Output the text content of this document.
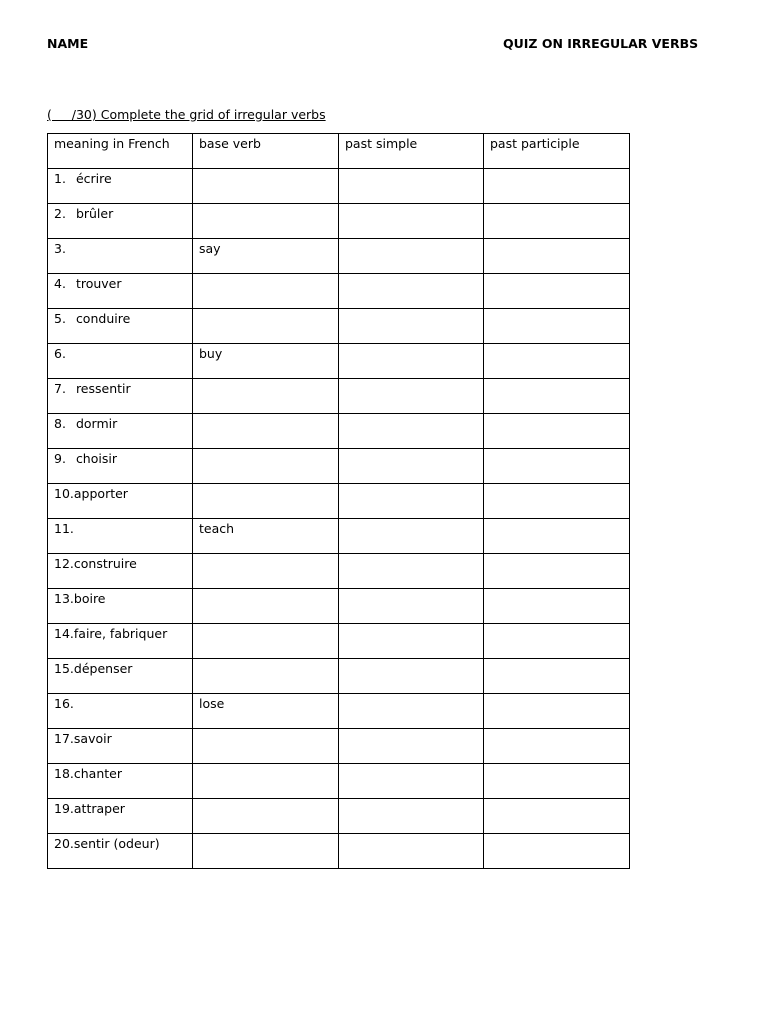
NAME	QUIZ ON IRREGULAR VERBS
(     /30) Complete the grid of irregular verbs
meaning in French	base verb	past simple	past participle
1. écrire			
2. brûler			
3.	say		
4. trouver			
5. conduire			
6.	buy		
7. ressentir			
8. dormir			
9. choisir			
10.apporter			
11.	teach		
12.construire			
13.boire			
14.faire, fabriquer			
15.dépenser			
16.	lose		
17.savoir			
18.chanter			
19.attraper			
20.sentir (odeur)			
